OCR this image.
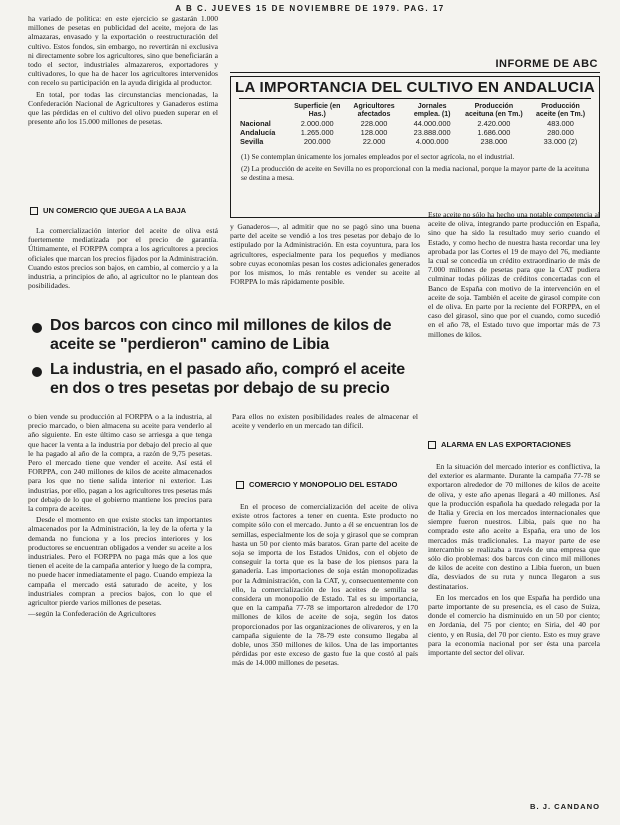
A B C. JUEVES 15 DE NOVIEMBRE DE 1979. PAG. 17

ha variado de política: en este ejercicio se gastarán 1.000 millones de pesetas en publicidad del aceite, mejora de las almazaras, envasado y la exportación o reestructuración del cultivo. Estos fondos, sin embargo, no revertirán ni exclusiva ni directamente sobre los agricultores, sino que beneficiarán a todo el sector, industriales almazareros, exportadores y cultivadores, lo que ha de hacer los agricultores intervenidos con recelo su participación en la ayuda dirigida al productor.

En total, por todas las circunstancias mencionadas, la Confederación Nacional de Agricultores y Ganaderos estima que las pérdidas en el cultivo del olivo pueden superar en el presente año los 15.000 millones de pesetas.

UN COMERCIO QUE JUEGA A LA BAJA

La comercialización interior del aceite de oliva está fuertemente mediatizada por el precio de garantía. Últimamente, el FORPPA compra a los agricultores a precios oficiales que marcan los precios fijados por la Administración. Cuando estos precios son bajos, en cambio, al comercio y a la industria, a principios de año, al agricultor no le plantean dos posibilidades.

INFORME DE ABC
LA IMPORTANCIA DEL CULTIVO EN ANDALUCIA
	Superficie (en Has.)	Agricultores afectados	Jornales emplea. (1)	Producción aceituna (en Tm.)	Producción aceite (en Tm.)
Nacional	2.000.000	228.000	44.000.000	2.420.000	483.000
Andalucía	1.265.000	128.000	23.888.000	1.686.000	280.000
Sevilla	200.000	22.000	4.000.000	238.000	33.000 (2)
(1) Se contemplan únicamente los jornales empleados por el sector agrícola, no el industrial.
(2) La producción de aceite en Sevilla no es proporcional con la media nacional, porque la mayor parte de la aceituna se destina a mesa.

y Ganaderos—, al admitir que no se pagó sino una buena parte del aceite se vendió a los tres pesetas por debajo de lo estipulado por la Administración. En esta coyuntura, para los agricultores, especialmente para los pequeños y medianos sobre cuyas economías pesan los costes adicionales generados por los mismos, lo más rentable es vender su aceite al FORPPA lo más rápidamente posible.

Este aceite no sólo ha hecho una notable competencia al aceite de oliva, integrando parte producción en España, sino que ha sido la resultado muy serio cuando el Estado, y como hecho de nuestra hasta recordar una ley aprobada por las Cortes el 19 de mayo del 76, mediante la cual se concedía un crédito extraordinario de más de 7.000 millones de pesetas para que la CAT pudiera culminar todas pólizas de créditos concertadas con el Banco de España con motivo de la intervención en el aceite de soja. También el aceite de girasol compite con el de oliva. En parte por la reciente del FORPPA, en el caso del girasol, sino que por el cuando, como sucedió en el año 78, el Estado tuvo que importar más de 73 millones de kilos.

Dos barcos con cinco mil millones de kilos de aceite se "perdieron" camino de Libia
La industria, en el pasado año, compró el aceite en dos o tres pesetas por debajo de su precio

o bien vende su producción al FORPPA o a la industria, al precio marcado, o bien almacena su aceite para venderlo al año siguiente. En este último caso se arriesga a que tenga que hacer la venta a la industria por debajo del precio al que le ha pagado al año de la compra, a razón de 9,75 pesetas. Pero el mercado tiene que vender el aceite. Así está el FORPPA, con 240 millones de kilos de aceite almacenados para los que no tiene salida interior ni exterior. Las industrias, por ello, pagan a los agricultores tres pesetas más por debajo de lo que el gobierno mantiene los precios para la compra de aceites.

Desde el momento en que existe stocks tan importantes almacenados por la Administración, la ley de la oferta y la demanda no funciona y a los precios interiores y los productores se encuentran obligados a vender su aceite a los industriales. Pero el FORPPA no paga más que a los que tienen el aceite de la campaña anterior y luego de la compra, no puede hacer inmediatamente el pago. Cuando empieza la campaña el mercado está saturado de aceite, y los industriales compran a precios bajos, con lo que el agricultor pierde varios millones de pesetas.

—según la Confederación de Agricultores

Para ellos no existen posibilidades reales de almacenar el aceite y venderlo en un mercado tan difícil.

COMERCIO Y MONOPOLIO DEL ESTADO

En el proceso de comercialización del aceite de oliva existe otros factores a tener en cuenta. Este producto no compite sólo con el mercado. Junto a él se encuentran los de semillas, especialmente los de soja y girasol que se compran hasta un 50 por ciento más baratos. Gran parte del aceite de soja se importa de los Estados Unidos, con el objeto de conseguir la torta que es la base de los piensos para la ganadería. Las importaciones de soja están monopolizadas por la Administración, con la CAT, y, consecuentemente con ello, la comercialización de los aceites de semilla se considera un monopolio de Estado. Tal es su importancia, que en la campaña 77-78 se importaron alrededor de 170 millones de kilos de aceite de soja, según los datos proporcionados por las organizaciones de olivareros, y en la campaña siguiente de la 78-79 este consumo llegaba al doble, unos 350 millones de kilos. Una de las importantes pérdidas por este exceso de gasto fue la que costó al país más de 14.000 millones de pesetas.

ALARMA EN LAS EXPORTACIONES

En la situación del mercado interior es conflictiva, la del exterior es alarmante. Durante la campaña 77-78 se exportaron alrededor de 70 millones de kilos de aceite de oliva, y este año apenas llegará a 40 millones. Así que la producción española ha quedado relegada por la de Italia y Grecia en los mercados internacionales que siempre fueron nuestros. Libia, país que no ha comprado este año aceite a España, era uno de los mercados más tradicionales. La mayor parte de ese intercambio se realizaba a través de una empresa que sólo dio problemas: dos barcos con cinco mil millones de kilos de aceite con destino a Libia fueron, un buen día, desviados de su ruta y nunca llegaron a sus destinatarios.

En los mercados en los que España ha perdido una parte importante de su presencia, es el caso de Suiza, donde el comercio ha disminuido en un 50 por ciento; en Jordania, del 75 por ciento; en Siria, del 40 por ciento, y en Rusia, del 70 por ciento. Esto es muy grave para la economía nacional por ser ésta una parcela importante del sector del olivar.

B. J. CANDANO
